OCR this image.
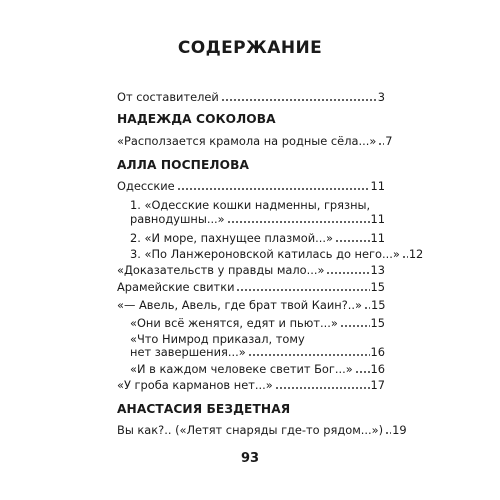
СОДЕРЖАНИЕ
От составителей	3
НАДЕЖДА СОКОЛОВА
«Расползается крамола на родные сёла...» 7
АЛЛА ПОСПЕЛОВА
Одесские	11
1. «Одесские кошки надменны, грязны,
равнодушны...»	11
2. «И море, пахнущее плазмой...»	11
3. «По Ланжероновской катилась до него...» 12
«Доказательств у правды мало...»	13
Арамейские свитки	15
«— Авель, Авель, где брат твой Каин?..» 15
«Они всё женятся, едят и пьют...»	15
«Что Нимрод приказал, тому
нет завершения...»	16
«И в каждом человеке светит Бог...» 16
«У гроба карманов нет...»	17
АНАСТАСИЯ БЕЗДЕТНАЯ
Вы как?.. («Летят снаряды где-то рядом...») 19
93
